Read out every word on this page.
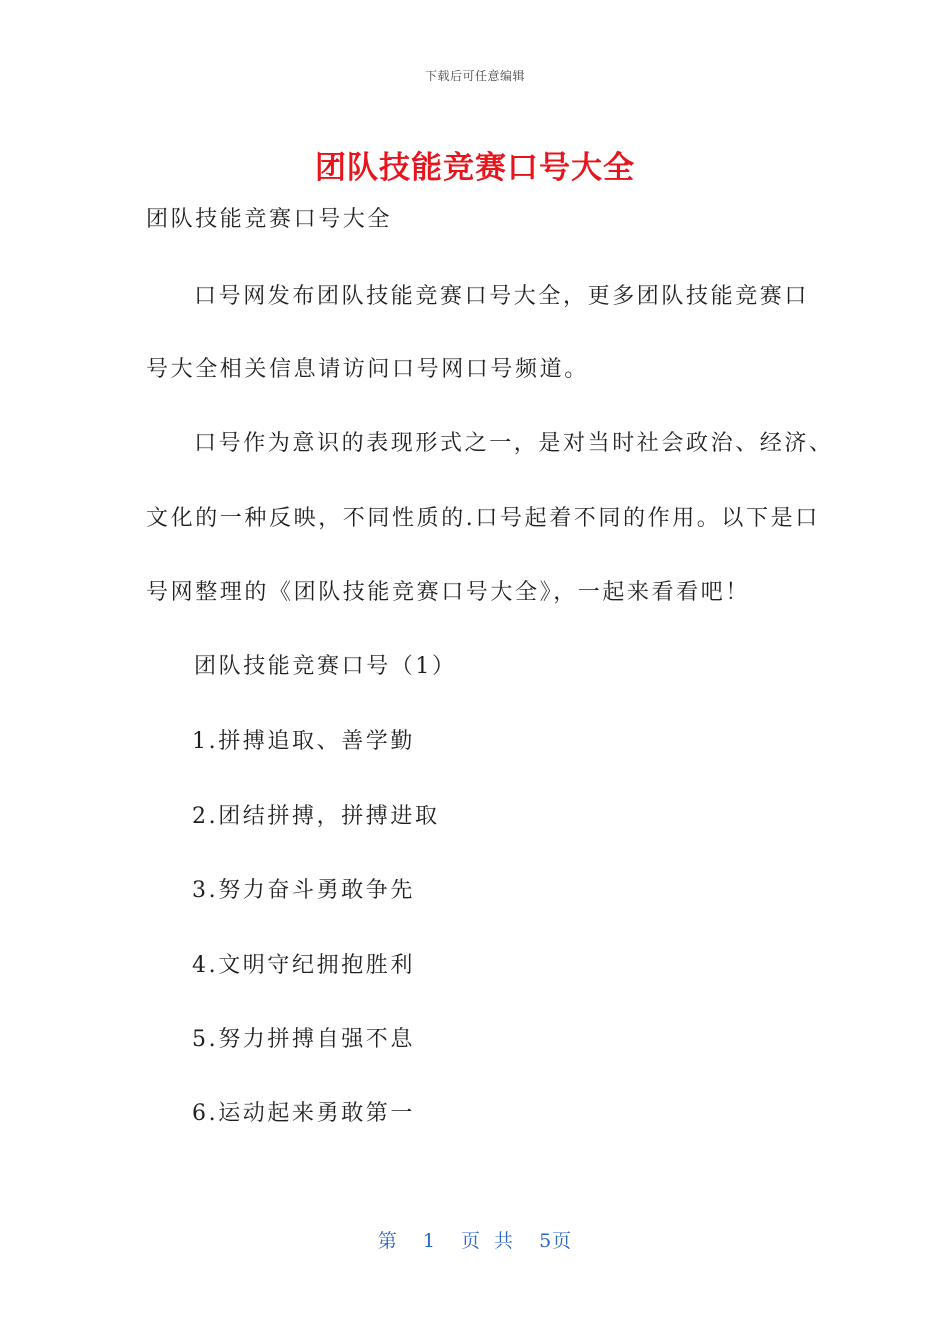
下载后可任意编辑
团队技能竞赛口号大全
团队技能竞赛口号大全
口号网发布团队技能竞赛口号大全，更多团队技能竞赛口
号大全相关信息请访问口号网口号频道。
口号作为意识的表现形式之一，是对当时社会政治、经济、
文化的一种反映，不同性质的.口号起着不同的作用。以下是口
号网整理的《团队技能竞赛口号大全》，一起来看看吧！
团队技能竞赛口号（1）
1.拼搏追取、善学勤
2.团结拼搏，拼搏进取
3.努力奋斗勇敢争先
4.文明守纪拥抱胜利
5.努力拼搏自强不息
6.运动起来勇敢第一
第 1 页 共 5页
